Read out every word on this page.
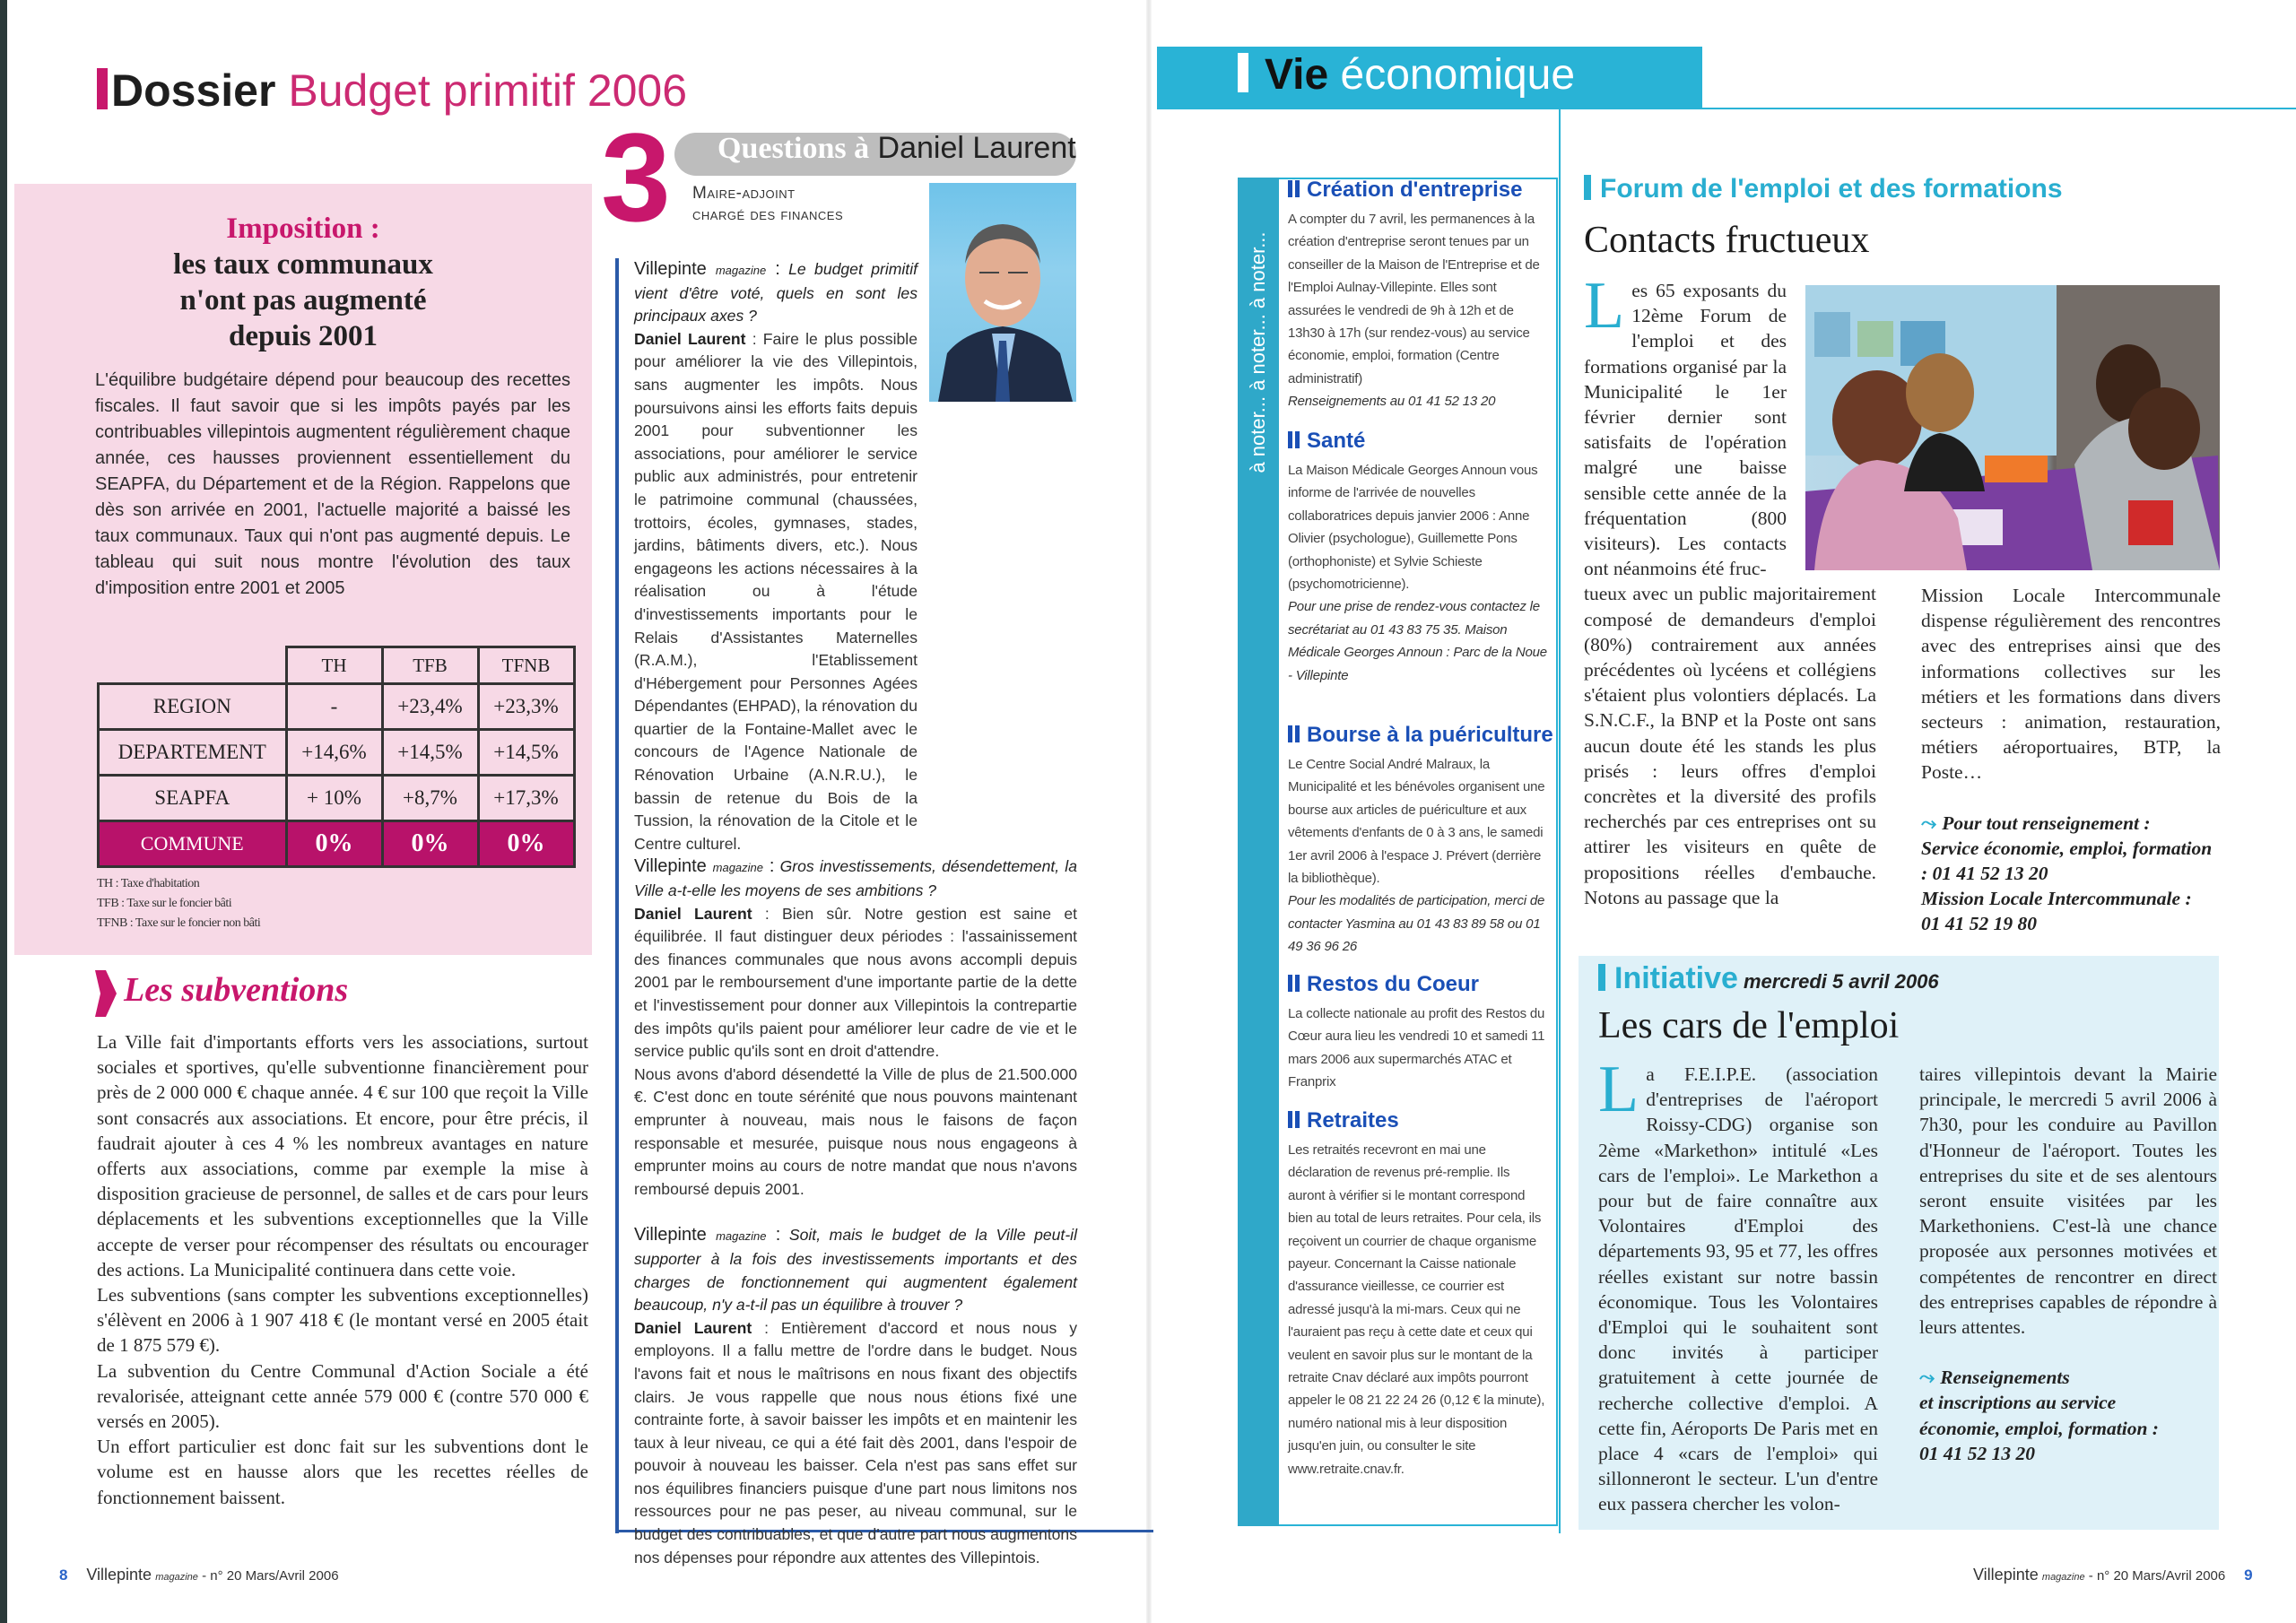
Dossier Budget primitif 2006
Imposition :
les taux communaux
n'ont pas augmenté
depuis 2001
L'équilibre budgétaire dépend pour beaucoup des recettes fiscales. Il faut savoir que si les impôts payés par les contribuables villepintois augmentent régulièrement chaque année, ces hausses proviennent essentiellement du SEAPFA, du Département et de la Région. Rappelons que dès son arrivée en 2001, l'actuelle majorité a baissé les taux communaux. Taux qui n'ont pas augmenté depuis. Le tableau qui suit nous montre l'évolution des taux d'imposition entre 2001 et 2005
	TH	TFB	TFNB
REGION	-	+23,4%	+23,3%
DEPARTEMENT	+14,6%	+14,5%	+14,5%
SEAPFA	+ 10%	+8,7%	+17,3%
COMMUNE	0%	0%	0%
TH : Taxe d'habitation
TFB : Taxe sur le foncier bâti
TFNB : Taxe sur le foncier non bâti
Les subventions
La Ville fait d'importants efforts vers les associations, surtout sociales et sportives, qu'elle subventionne financièrement pour près de 2 000 000 € chaque année. 4 € sur 100 que reçoit la Ville sont consacrés aux associations. Et encore, pour être précis, il faudrait ajouter à ces 4 % les nombreux avantages en nature offerts aux associations, comme par exemple la mise à disposition gracieuse de personnel, de salles et de cars pour leurs déplacements et les subventions exceptionnelles que la Ville accepte de verser pour récompenser des résultats ou encourager des actions. La Municipalité continuera dans cette voie.
Les subventions (sans compter les subventions exceptionnelles) s'élèvent en 2006 à 1 907 418 € (le montant versé en 2005 était de 1 875 579 €).
La subvention du Centre Communal d'Action Sociale a été revalorisée, atteignant cette année 579 000 € (contre 570 000 € versés en 2005).
Un effort particulier est donc fait sur les subventions dont le volume est en hausse alors que les recettes réelles de fonctionnement baissent.
3 Questions à Daniel Laurent
Maire-adjoint
chargé des finances

Villepinte magazine : Le budget primitif vient d'être voté, quels en sont les principaux axes ?
Daniel Laurent : Faire le plus possible pour améliorer la vie des Villepintois, sans augmenter les impôts. Nous poursuivons ainsi les efforts faits depuis 2001 pour subventionner les associations, pour améliorer le service public aux administrés, pour entretenir le patrimoine communal (chaussées, trottoirs, écoles, gymnases, stades, jardins, bâtiments divers, etc.). Nous engageons les actions nécessaires à la réalisation ou à l'étude d'investissements importants pour le Relais d'Assistantes Maternelles (R.A.M.), l'Etablissement d'Hébergement pour Personnes Agées Dépendantes (EHPAD), la rénovation du quartier de la Fontaine-Mallet avec le concours de l'Agence Nationale de Rénovation Urbaine (A.N.R.U.), le bassin de retenue du Bois de la Tussion, la rénovation de la Citole et le Centre culturel.

Villepinte magazine : Gros investissements, désendettement, la Ville a-t-elle les moyens de ses ambitions ?
Daniel Laurent : Bien sûr. Notre gestion est saine et équilibrée. Il faut distinguer deux périodes : l'assainissement des finances communales que nous avons accompli depuis 2001 par le remboursement d'une importante partie de la dette et l'investissement pour donner aux Villepintois la contrepartie des impôts qu'ils paient pour améliorer leur cadre de vie et le service public qu'ils sont en droit d'attendre.
Nous avons d'abord désendetté la Ville de plus de 21.500.000 €. C'est donc en toute sérénité que nous pouvons maintenant emprunter à nouveau, mais nous le faisons de façon responsable et mesurée, puisque nous nous engageons à emprunter moins au cours de notre mandat que nous n'avons remboursé depuis 2001.

Villepinte magazine : Soit, mais le budget de la Ville peut-il supporter à la fois des investissements importants et des charges de fonctionnement qui augmentent également beaucoup, n'y a-t-il pas un équilibre à trouver ?
Daniel Laurent : Entièrement d'accord et nous nous y employons. Il a fallu mettre de l'ordre dans le budget. Nous l'avons fait et nous le maîtrisons en nous fixant des objectifs clairs. Je vous rappelle que nous nous étions fixé une contrainte forte, à savoir baisser les impôts et en maintenir les taux à leur niveau, ce qui a été fait dès 2001, dans l'espoir de pouvoir à nouveau les baisser. Cela n'est pas sans effet sur nos équilibres financiers puisque d'une part nous limitons nos ressources pour ne pas peser, au niveau communal, sur le budget des contribuables, et que d'autre part nous augmentons nos dépenses pour répondre aux attentes des Villepintois.

8 Villepinte magazine - n° 20 Mars/Avril 2006
Vie économique
à noter... à noter... à noter...
Création d'entreprise
A compter du 7 avril, les permanences à la création d'entreprise seront tenues par un conseiller de la Maison de l'Entreprise et de l'Emploi Aulnay-Villepinte. Elles sont assurées le vendredi de 9h à 12h et de 13h30 à 17h (sur rendez-vous) au service économie, emploi, formation (Centre administratif)
Renseignements au 01 41 52 13 20
Santé
La Maison Médicale Georges Announ vous informe de l'arrivée de nouvelles collaboratrices depuis janvier 2006 : Anne Olivier (psychologue), Guillemette Pons (orthophoniste) et Sylvie Schieste (psychomotricienne).
Pour une prise de rendez-vous contactez le secrétariat au 01 43 83 75 35. Maison Médicale Georges Announ : Parc de la Noue - Villepinte
Bourse à la puériculture
Le Centre Social André Malraux, la Municipalité et les bénévoles organisent une bourse aux articles de puériculture et aux vêtements d'enfants de 0 à 3 ans, le samedi 1er avril 2006 à l'espace J. Prévert (derrière la bibliothèque).
Pour les modalités de participation, merci de contacter Yasmina au 01 43 83 89 58 ou 01 49 36 96 26
Restos du Coeur
La collecte nationale au profit des Restos du Cœur aura lieu les vendredi 10 et samedi 11 mars 2006 aux supermarchés ATAC et Franprix
Retraites
Les retraités recevront en mai une déclaration de revenus pré-remplie. Ils auront à vérifier si le montant correspond bien au total de leurs retraites. Pour cela, ils reçoivent un courrier de chaque organisme payeur. Concernant la Caisse nationale d'assurance vieillesse, ce courrier est adressé jusqu'à la mi-mars. Ceux qui ne l'auraient pas reçu à cette date et ceux qui veulent en savoir plus sur le montant de la retraite Cnav déclaré aux impôts pourront appeler le 08 21 22 24 26 (0,12 € la minute), numéro national mis à leur disposition jusqu'en juin, ou consulter le site www.retraite.cnav.fr.
Forum de l'emploi et des formations
Contacts fructueux
Les 65 exposants du 12ème Forum de l'emploi et des formations organisé par la Municipalité le 1er février dernier sont satisfaits de l'opération malgré une baisse sensible cette année de la fréquentation (800 visiteurs). Les contacts ont néanmoins été fruc-
tueux avec un public majoritairement composé de demandeurs d'emploi (80%) contrairement aux années précédentes où lycéens et collégiens s'étaient plus volontiers déplacés. La S.N.C.F., la BNP et la Poste ont sans aucun doute été les stands les plus prisés : leurs offres d'emploi concrètes et la diversité des profils recherchés par ces entreprises ont su attirer les visiteurs en quête de propositions réelles d'embauche. Notons au passage que la
Mission Locale Intercommunale dispense régulièrement des rencontres avec des entreprises ainsi que des informations collectives sur les métiers et les formations dans divers secteurs : animation, restauration, métiers aéroportuaires, BTP, la Poste…
⤳ Pour tout renseignement :
Service économie, emploi, formation : 01 41 52 13 20
Mission Locale Intercommunale :
01 41 52 19 80
Initiative mercredi 5 avril 2006
Les cars de l'emploi
La F.E.I.P.E. (association d'entreprises de l'aéroport Roissy-CDG) organise son 2ème «Markethon» intitulé «Les cars de l'emploi». Le Markethon a pour but de faire connaître aux Volontaires d'Emploi des départements 93, 95 et 77, les offres réelles existant sur notre bassin économique. Tous les Volontaires d'Emploi qui le souhaitent sont donc invités à participer gratuitement à cette journée de recherche collective d'emploi. A cette fin, Aéroports De Paris met en place 4 «cars de l'emploi» qui sillonneront le secteur. L'un d'entre eux passera chercher les volon-
taires villepintois devant la Mairie principale, le mercredi 5 avril 2006 à 7h30, pour les conduire au Pavillon d'Honneur de l'aéroport. Toutes les entreprises du site et de ses alentours seront ensuite visitées par les Markethoniens. C'est-là une chance proposée aux personnes motivées et compétentes de rencontrer en direct des entreprises capables de répondre à leurs attentes.
⤳ Renseignements
et inscriptions au service
économie, emploi, formation :
01 41 52 13 20
Villepinte magazine - n° 20 Mars/Avril 2006 9
